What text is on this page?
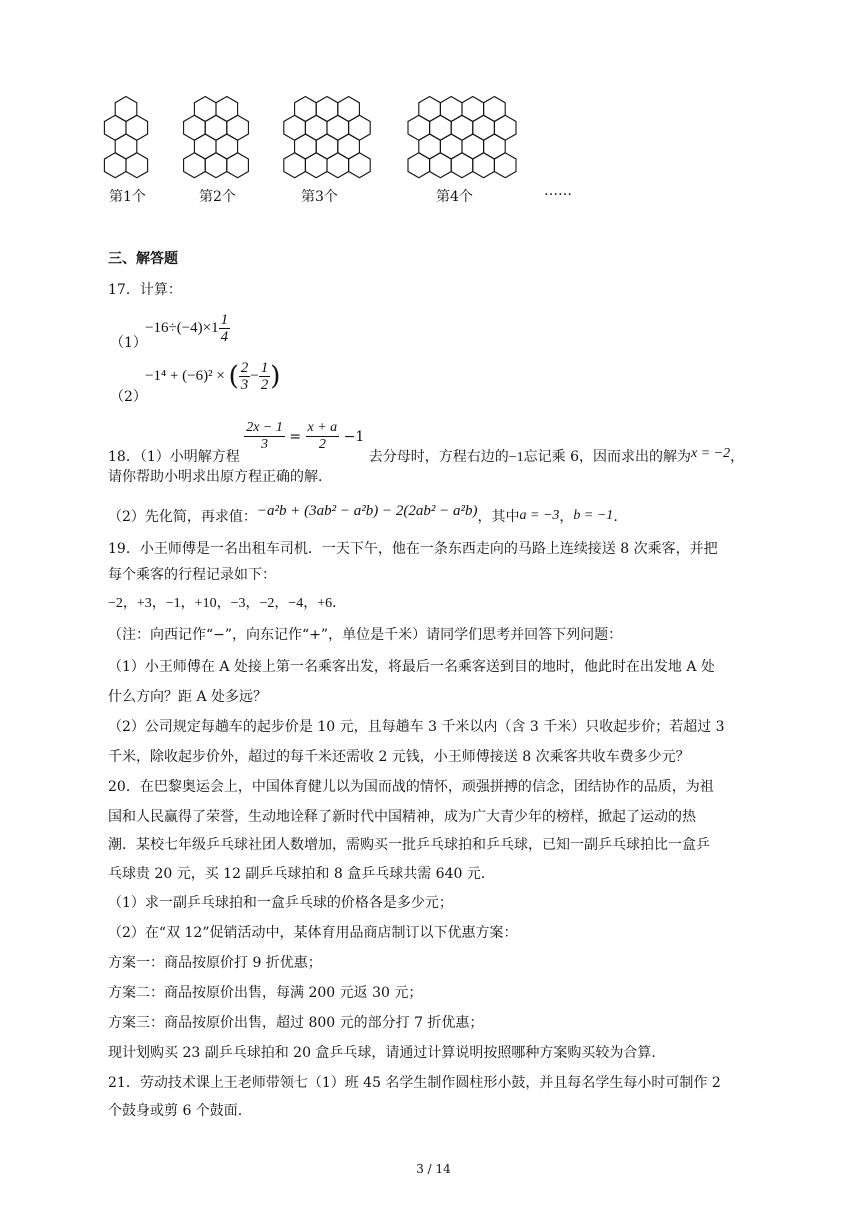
第1个	第2个	第3个	第4个	……
三、解答题
17．计算：
（1）
$-16\div(-4)\times 1 \frac{1}{4}$
（2）
−1⁴ + (−6)² × ( $\frac{2}{3} - \frac{1}{2}$ )
18．（1）小明解方程
$\frac{2x - 1}{3} = \frac{x + a}{2} -1$ 去分母时，方程右边的−1忘记乘 6，因而求出的解为x = −2，
请你帮助小明求出原方程正确的解.
（2）先化简，再求值：−a²b + (3ab² − a²b) − 2(2ab² − a²b)，其中a = −3，b = −1.
19．小王师傅是一名出租车司机．一天下午，他在一条东西走向的马路上连续接送 8 次乘客，并把
每个乘客的行程记录如下：
−2，+3，−1，+10，−3，−2，−4，+6．
（注：向西记作“−”，向东记作“+”，单位是千米）请同学们思考并回答下列问题：
（1）小王师傅在 A 处接上第一名乘客出发，将最后一名乘客送到目的地时，他此时在出发地 A 处
什么方向？距 A 处多远？
（2）公司规定每趟车的起步价是 10 元，且每趟车 3 千米以内（含 3 千米）只收起步价；若超过 3
千米，除收起步价外，超过的每千米还需收 2 元钱，小王师傅接送 8 次乘客共收车费多少元？
20．在巴黎奥运会上，中国体育健儿以为国而战的情怀，顽强拼搏的信念，团结协作的品质，为祖
国和人民赢得了荣誉，生动地诠释了新时代中国精神，成为广大青少年的榜样，掀起了运动的热
潮．某校七年级乒乓球社团人数增加，需购买一批乒乓球拍和乒乓球，已知一副乒乓球拍比一盒乒
乓球贵 20 元，买 12 副乒乓球拍和 8 盒乒乓球共需 640 元．
（1）求一副乒乓球拍和一盒乒乓球的价格各是多少元；
（2）在“双 12”促销活动中，某体育用品商店制订以下优惠方案：
方案一：商品按原价打 9 折优惠；
方案二：商品按原价出售，每满 200 元返 30 元；
方案三：商品按原价出售，超过 800 元的部分打 7 折优惠；
现计划购买 23 副乒乓球拍和 20 盒乒乓球，请通过计算说明按照哪种方案购买较为合算.
21．劳动技术课上王老师带领七（1）班 45 名学生制作圆柱形小鼓，并且每名学生每小时可制作 2
个鼓身或剪 6 个鼓面.
3 / 14
